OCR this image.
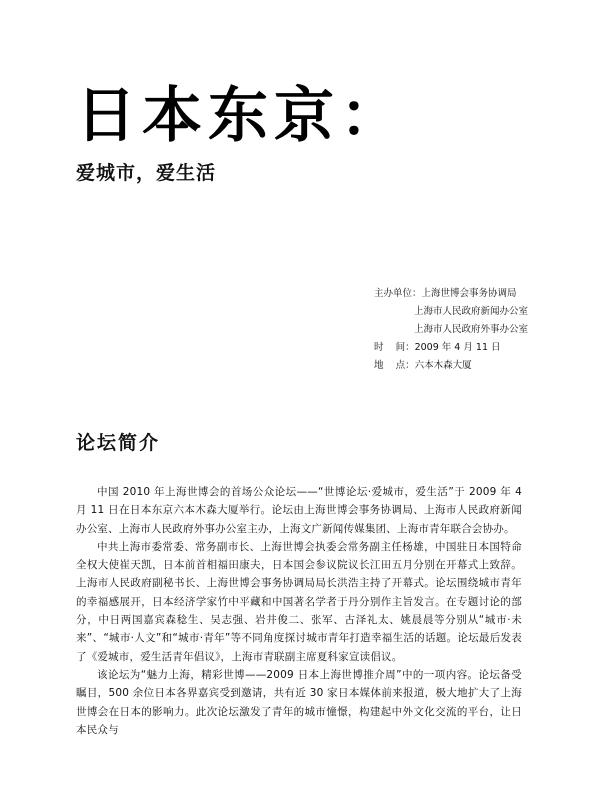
日本东京：
爱城市，爱生活
主办单位：上海世博会事务协调局
上海市人民政府新闻办公室
上海市人民政府外事办公室
时    间：2009 年 4 月 11 日
地    点：六本木森大厦
论坛简介

中国 2010 年上海世博会的首场公众论坛——“世博论坛·爱城市，爱生活”于 2009 年 4 月 11 日在日本东京六本木森大厦举行。论坛由上海世博会事务协调局、上海市人民政府新闻办公室、上海市人民政府外事办公室主办，上海文广新闻传媒集团、上海市青年联合会协办。

中共上海市委常委、常务副市长、上海世博会执委会常务副主任杨雄，中国驻日本国特命全权大使崔天凯，日本前首相福田康夫，日本国会参议院议长江田五月分别在开幕式上致辞。上海市人民政府副秘书长、上海世博会事务协调局局长洪浩主持了开幕式。论坛围绕城市青年的幸福感展开，日本经济学家竹中平藏和中国著名学者于丹分别作主旨发言。在专题讨论的部分，中日两国嘉宾森稔生、吴志强、岩井俊二、张军、古泽礼太、姚晨晨等分别从“城市·未来”、“城市·人文”和“城市·青年”等不同角度探讨城市青年打造幸福生活的话题。论坛最后发表了《爱城市，爱生活青年倡议》，上海市青联副主席夏科家宣读倡议。

该论坛为“魅力上海，精彩世博——2009 日本上海世博推介周”中的一项内容。论坛备受瞩目，500 余位日本各界嘉宾受到邀请，共有近 30 家日本媒体前来报道，极大地扩大了上海世博会在日本的影响力。此次论坛激发了青年的城市憧憬，构建起中外文化交流的平台，让日本民众与
